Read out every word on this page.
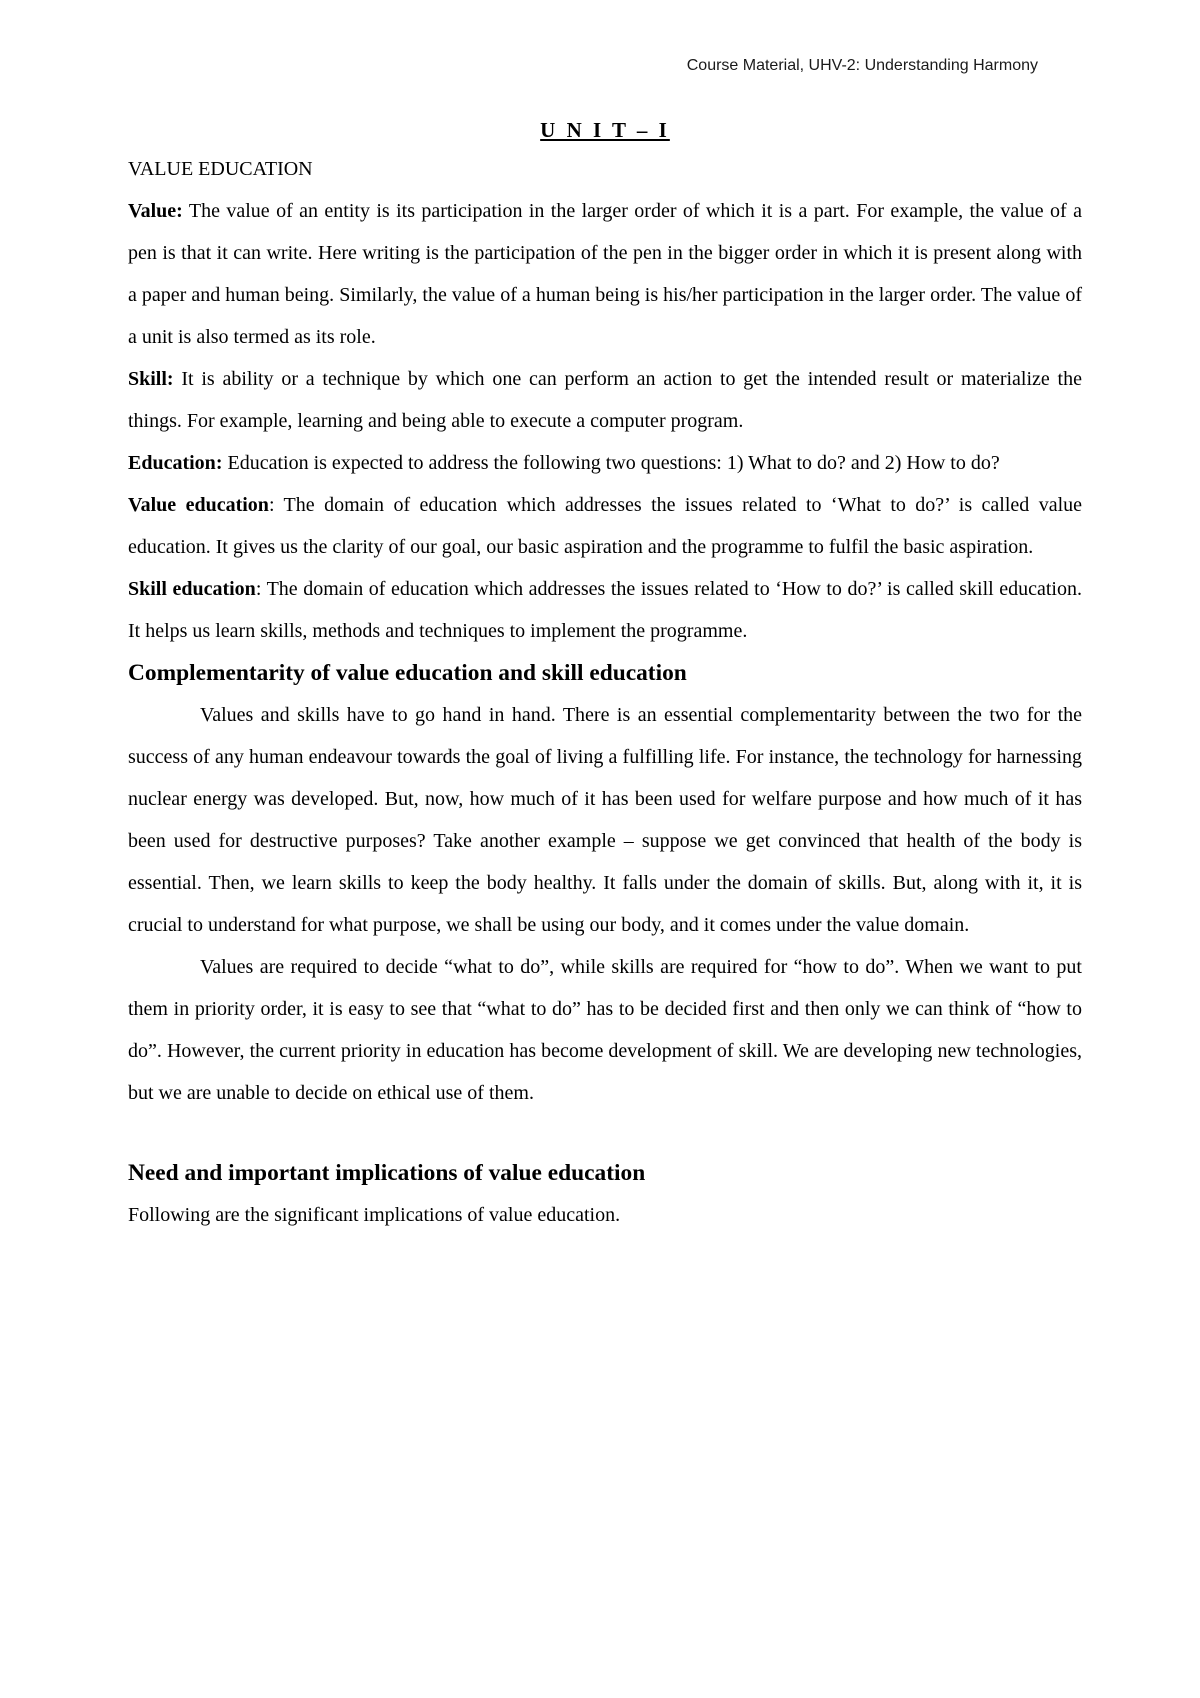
Course Material, UHV-2: Understanding Harmony
U N I T – I
VALUE EDUCATION

Value: The value of an entity is its participation in the larger order of which it is a part. For example, the value of a pen is that it can write. Here writing is the participation of the pen in the bigger order in which it is present along with a paper and human being. Similarly, the value of a human being is his/her participation in the larger order. The value of a unit is also termed as its role.

Skill: It is ability or a technique by which one can perform an action to get the intended result or materialize the things. For example, learning and being able to execute a computer program.

Education: Education is expected to address the following two questions: 1) What to do? and 2) How to do?

Value education: The domain of education which addresses the issues related to ‘What to do?’ is called value education. It gives us the clarity of our goal, our basic aspiration and the programme to fulfil the basic aspiration.

Skill education: The domain of education which addresses the issues related to ‘How to do?’ is called skill education. It helps us learn skills, methods and techniques to implement the programme.

Complementarity of value education and skill education

Values and skills have to go hand in hand. There is an essential complementarity between the two for the success of any human endeavour towards the goal of living a fulfilling life. For instance, the technology for harnessing nuclear energy was developed. But, now, how much of it has been used for welfare purpose and how much of it has been used for destructive purposes? Take another example – suppose we get convinced that health of the body is essential. Then, we learn skills to keep the body healthy. It falls under the domain of skills. But, along with it, it is crucial to understand for what purpose, we shall be using our body, and it comes under the value domain.

Values are required to decide “what to do”, while skills are required for “how to do”. When we want to put them in priority order, it is easy to see that “what to do” has to be decided first and then only we can think of “how to do”. However, the current priority in education has become development of skill. We are developing new technologies, but we are unable to decide on ethical use of them.

Need and important implications of value education

Following are the significant implications of value education.
